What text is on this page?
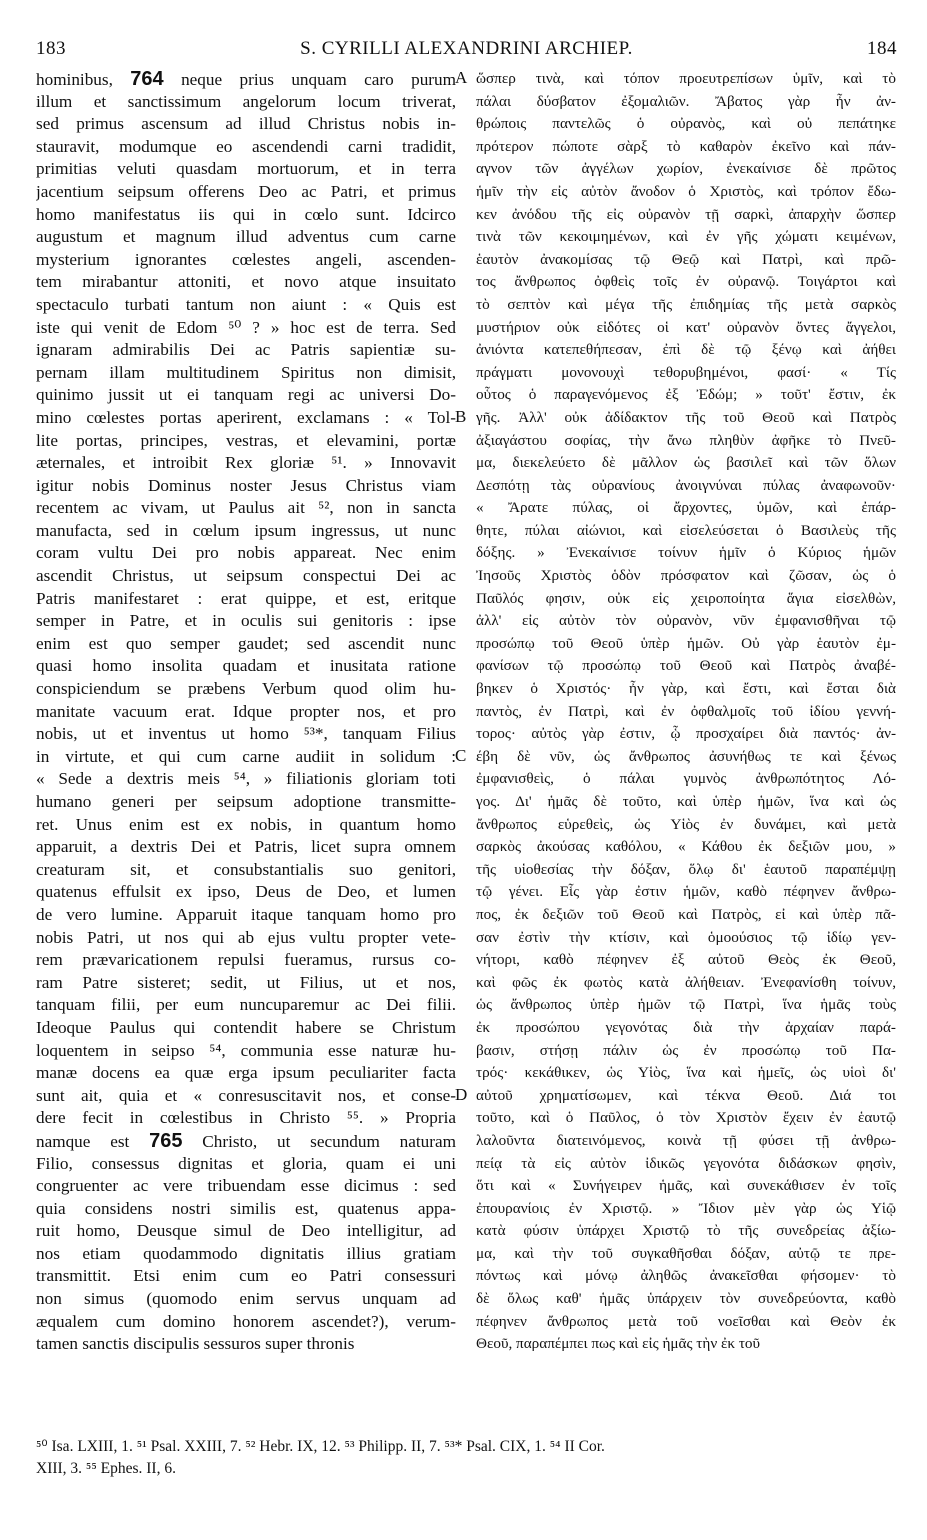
183	S. CYRILLI ALEXANDRINI ARCHIEP.	184
hominibus, 764 neque prius unquam caro purum
illum et sanctissimum angelorum locum triverat,
sed primus ascensum ad illud Christus nobis in-
stauravit, modumque eo ascendendi carni tradidit,
primitias veluti quasdam mortuorum, et in terra
jacentium seipsum offerens Deo ac Patri, et primus
homo manifestatus iis qui in cœlo sunt. Idcirco
augustum et magnum illud adventus cum carne
mysterium ignorantes cœlestes angeli, ascenden-
tem mirabantur attoniti, et novo atque insuitato
spectaculo turbati tantum non aiunt : « Quis est
iste qui venit de Edom ⁵⁰ ? » hoc est de terra. Sed
ignaram admirabilis Dei ac Patris sapientiæ su-
pernam illam multitudinem Spiritus non dimisit,
quinimo jussit ut ei tanquam regi ac universi Do-
mino cœlestes portas aperirent, exclamans : « Tol-
lite portas, principes, vestras, et elevamini, portæ
æternales, et introibit Rex gloriæ ⁵¹. » Innovavit
igitur nobis Dominus noster Jesus Christus viam
recentem ac vivam, ut Paulus ait ⁵², non in sancta
manufacta, sed in cœlum ipsum ingressus, ut nunc
coram vultu Dei pro nobis appareat. Nec enim
ascendit Christus, ut seipsum conspectui Dei ac
Patris manifestaret : erat quippe, et est, eritque
semper in Patre, et in oculis sui genitoris : ipse
enim est quo semper gaudet; sed ascendit nunc
quasi homo insolita quadam et inusitata ratione
conspiciendum se præbens Verbum quod olim hu-
manitate vacuum erat. Idque propter nos, et pro
nobis, ut et inventus ut homo ⁵³*, tanquam Filius
in virtute, et qui cum carne audiit in solidum :
« Sede a dextris meis ⁵⁴, » filiationis gloriam toti
humano generi per seipsum adoptione transmitte-
ret. Unus enim est ex nobis, in quantum homo
apparuit, a dextris Dei et Patris, licet supra omnem
creaturam sit, et consubstantialis suo genitori,
quatenus effulsit ex ipso, Deus de Deo, et lumen
de vero lumine. Apparuit itaque tanquam homo pro
nobis Patri, ut nos qui ab ejus vultu propter vete-
rem prævaricationem repulsi fueramus, rursus co-
ram Patre sisteret; sedit, ut Filius, ut et nos,
tanquam filii, per eum nuncuparemur ac Dei filii.
Ideoque Paulus qui contendit habere se Christum
loquentem in seipso ⁵⁴, communia esse naturæ hu-
manæ docens ea quæ erga ipsum peculiariter facta
sunt ait, quia et « conresuscitavit nos, et conse-
dere fecit in cœlestibus in Christo ⁵⁵. » Propria
namque est 765 Christo, ut secundum naturam
Filio, consessus dignitas et gloria, quam ei uni
congruenter ac vere tribuendam esse dicimus : sed
quia considens nostri similis est, quatenus appa-
ruit homo, Deusque simul de Deo intelligitur, ad
nos etiam quodammodo dignitatis illius gratiam
transmittit. Etsi enim cum eo Patri consessuri
non simus (quomodo enim servus unquam ad
æqualem cum domino honorem ascendet?), verum-
tamen sanctis discipulis sessuros super thronis
ὥσπερ τινὰ, καὶ τόπον προευτρεπίσων ὑμῖν, καὶ τὸ
πάλαι δύσβατον ἐξομαλιῶν. Ἄβατος γὰρ ἦν ἀν-
θρώποις παντελῶς ὁ οὐρανὸς, καὶ οὐ πεπάτηκε
πρότερον πώποτε σὰρξ τὸ καθαρὸν ἐκεῖνο καὶ πάν-
αγνον τῶν ἀγγέλων χωρίον, ἐνεκαίνισε δὲ πρῶτος
ἡμῖν τὴν εἰς αὐτὸν ἄνοδον ὁ Χριστὸς, καὶ τρόπον ἔδω-
κεν ἀνόδου τῆς εἰς οὐρανὸν τῇ σαρκὶ, ἀπαρχὴν ὥσπερ
τινὰ τῶν κεκοιμημένων, καὶ ἐν γῆς χώματι κειμένων,
ἑαυτὸν ἀνακομίσας τῷ Θεῷ καὶ Πατρὶ, καὶ πρῶ-
τος ἄνθρωπος ὀφθεὶς τοῖς ἐν οὐρανῷ. Τοιγάρτοι καὶ
τὸ σεπτὸν καὶ μέγα τῆς ἐπιδημίας τῆς μετὰ σαρκὸς
μυστήριον οὐκ εἰδότες οἱ κατ' οὐρανὸν ὄντες ἄγγελοι,
ἀνιόντα κατεπεθήπεσαν, ἐπὶ δὲ τῷ ξένῳ καὶ ἀήθει
πράγματι μονονουχὶ τεθορυβημένοι, φασί· « Τίς
οὗτος ὁ παραγενόμενος ἐξ Ἐδώμ; » τοῦτ' ἔστιν, ἐκ
γῆς. Ἀλλ' οὐκ ἀδίδακτον τῆς τοῦ Θεοῦ καὶ Πατρὸς
ἀξιαγάστου σοφίας, τὴν ἄνω πληθὺν ἀφῆκε τὸ Πνεῦ-
μα, διεκελεύετο δὲ μᾶλλον ὡς βασιλεῖ καὶ τῶν ὅλων
Δεσπότῃ τὰς οὐρανίους ἀνοιγνύναι πύλας ἀναφωνοῦν·
« Ἄρατε πύλας, οἱ ἄρχοντες, ὑμῶν, καὶ ἐπάρ-
θητε, πύλαι αἰώνιοι, καὶ εἰσελεύσεται ὁ Βασιλεὺς τῆς
δόξης. » Ἐνεκαίνισε τοίνυν ἡμῖν ὁ Κύριος ἡμῶν
Ἰησοῦς Χριστὸς ὁδὸν πρόσφατον καὶ ζῶσαν, ὡς ὁ
Παῦλός φησιν, οὐκ εἰς χειροποίητα ἅγια εἰσελθὼν,
ἀλλ' εἰς αὐτὸν τὸν οὐρανὸν, νῦν ἐμφανισθῆναι τῷ
προσώπῳ τοῦ Θεοῦ ὑπὲρ ἡμῶν. Οὐ γὰρ ἑαυτὸν ἐμ-
φανίσων τῷ προσώπῳ τοῦ Θεοῦ καὶ Πατρὸς ἀναβέ-
βηκεν ὁ Χριστός· ἦν γὰρ, καὶ ἔστι, καὶ ἔσται διὰ
παντὸς, ἐν Πατρὶ, καὶ ἐν ὀφθαλμοῖς τοῦ ἰδίου γεννή-
τορος· αὐτὸς γὰρ ἐστιν, ᾧ προσχαίρει διὰ παντός· ἀν-
έβη δὲ νῦν, ὡς ἄνθρωπος ἀσυνήθως τε καὶ ξένως
ἐμφανισθεὶς, ὁ πάλαι γυμνὸς ἀνθρωπότητος Λό-
γος. Δι' ἡμᾶς δὲ τοῦτο, καὶ ὑπὲρ ἡμῶν, ἵνα καὶ ὡς
ἄνθρωπος εὑρεθεὶς, ὡς Υἱὸς ἐν δυνάμει, καὶ μετὰ
σαρκὸς ἀκούσας καθόλου, « Κάθου ἐκ δεξιῶν μου, »
τῆς υἱοθεσίας τὴν δόξαν, ὅλῳ δι' ἑαυτοῦ παραπέμψῃ
τῷ γένει. Εἷς γὰρ ἐστιν ἡμῶν, καθὸ πέφηνεν ἄνθρω-
πος, ἐκ δεξιῶν τοῦ Θεοῦ καὶ Πατρὸς, εἰ καὶ ὑπὲρ πᾶ-
σαν ἐστὶν τὴν κτίσιν, καὶ ὁμοούσιος τῷ ἰδίῳ γεν-
νήτορι, καθὸ πέφηνεν ἐξ αὐτοῦ Θεὸς ἐκ Θεοῦ,
καὶ φῶς ἐκ φωτὸς κατὰ ἀλήθειαν. Ἐνεφανίσθη τοίνυν,
ὡς ἄνθρωπος ὑπὲρ ἡμῶν τῷ Πατρὶ, ἵνα ἡμᾶς τοὺς
ἐκ προσώπου γεγονότας διὰ τὴν ἀρχαίαν παρά-
βασιν, στήσῃ πάλιν ὡς ἐν προσώπῳ τοῦ Πα-
τρός· κεκάθικεν, ὡς Υἱὸς, ἵνα καὶ ἡμεῖς, ὡς υἱοὶ δι'
αὐτοῦ χρηματίσωμεν, καὶ τέκνα Θεοῦ. Διά τοι
τοῦτο, καὶ ὁ Παῦλος, ὁ τὸν Χριστὸν ἔχειν ἐν ἑαυτῷ
λαλοῦντα διατεινόμενος, κοινὰ τῇ φύσει τῇ ἀνθρω-
πείᾳ τὰ εἰς αὐτὸν ἰδικῶς γεγονότα διδάσκων φησὶν,
ὅτι καὶ « Συνήγειρεν ἡμᾶς, καὶ συνεκάθισεν ἐν τοῖς
ἐπουρανίοις ἐν Χριστῷ. » Ἴδιον μὲν γὰρ ὡς Υἱῷ
κατὰ φύσιν ὑπάρχει Χριστῷ τὸ τῆς συνεδρείας ἀξίω-
μα, καὶ τὴν τοῦ συγκαθῆσθαι δόξαν, αὐτῷ τε πρε-
πόντως καὶ μόνῳ ἀληθῶς ἀνακεῖσθαι φήσομεν· τὸ
δὲ ὅλως καθ' ἡμᾶς ὑπάρχειν τὸν συνεδρεύοντα, καθὸ
πέφηνεν ἄνθρωπος μετὰ τοῦ νοεῖσθαι καὶ Θεὸν ἐκ
Θεοῦ, παραπέμπει πως καὶ εἰς ἡμᾶς τὴν ἐκ τοῦ
A
B
C
D
⁵⁰ Isa. LXIII, 1. ⁵¹ Psal. XXIII, 7. ⁵² Hebr. IX, 12. ⁵³ Philipp. II, 7. ⁵³* Psal. CIX, 1. ⁵⁴ II Cor.
XIII, 3. ⁵⁵ Ephes. II, 6.
